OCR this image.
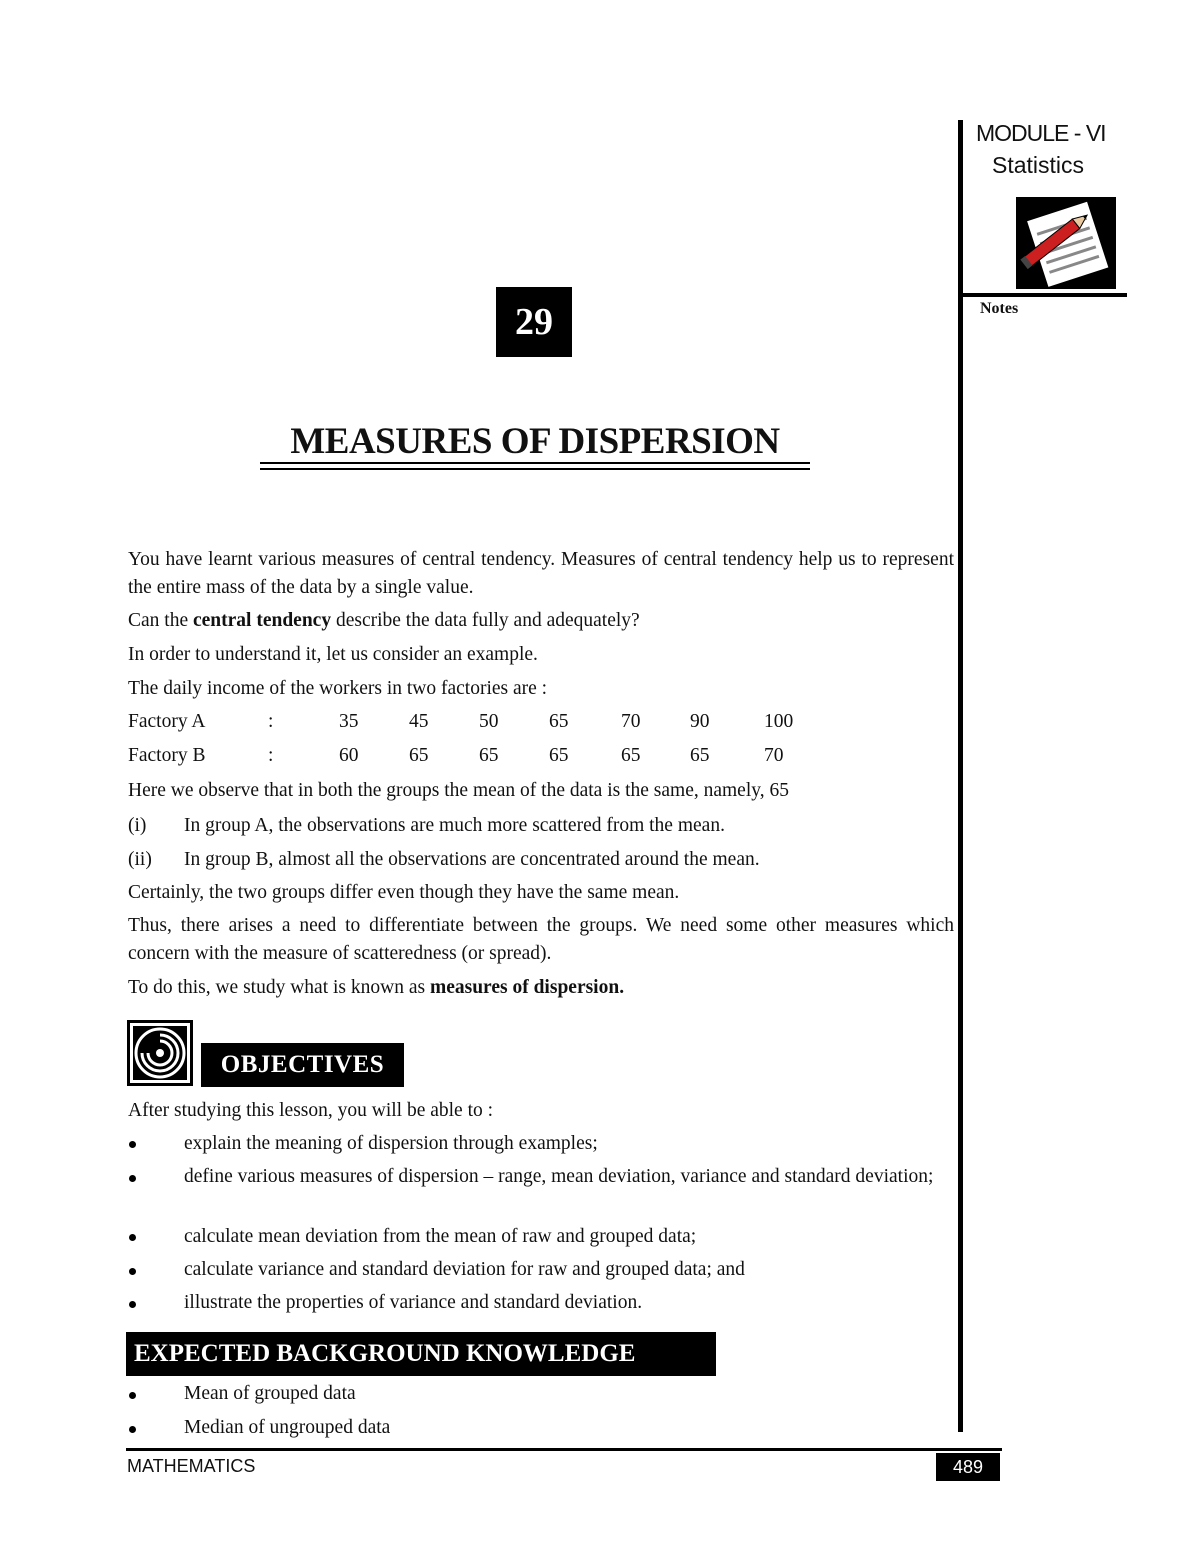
MODULE - VI
Statistics
Notes
29
MEASURES OF DISPERSION
You have learnt various measures of central tendency. Measures of central tendency help us to represent the entire mass of the data by a single value.
Can the central tendency describe the data fully and adequately?
In order to understand it, let us consider an example.
The daily income of the workers in two factories are :
Factory A	:	35	45	50	65	70	90	100
Factory B	:	60	65	65	65	65	65	70
Here we observe that in both the groups the mean of the data is the same, namely, 65
(i) In group A, the observations are much more scattered from the mean.
(ii) In group B, almost all the observations are concentrated around the mean.
Certainly, the two groups differ even though they have the same mean.
Thus, there arises a need to differentiate between the groups. We need some other measures which concern with the measure of scatteredness (or spread).
To do this, we study what is known as measures of dispersion.
OBJECTIVES
After studying this lesson, you will be able to :
explain the meaning of dispersion through examples;
define various measures of dispersion – range, mean deviation, variance and standard deviation;
calculate mean deviation from the mean of raw and grouped data;
calculate variance and standard deviation for raw and grouped data; and
illustrate the properties of variance and standard deviation.
EXPECTED BACKGROUND KNOWLEDGE
Mean of grouped data
Median of ungrouped data
MATHEMATICS	489
